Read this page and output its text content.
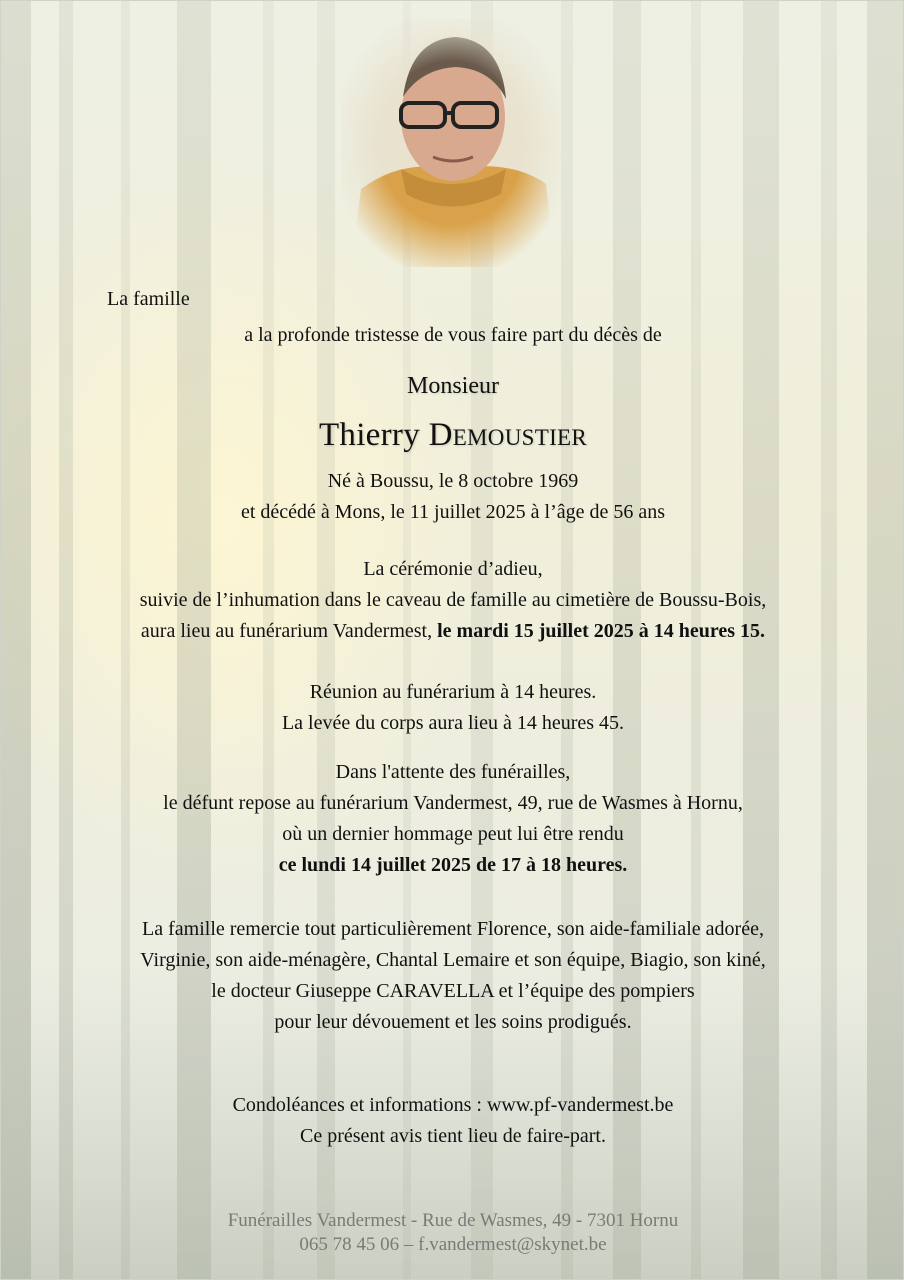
La famille
a la profonde tristesse de vous faire part du décès de
Monsieur
Thierry Demoustier
Né à Boussu, le 8 octobre 1969
et décédé à Mons, le 11 juillet 2025 à l’âge de 56 ans
La cérémonie d’adieu,
suivie de l’inhumation dans le caveau de famille au cimetière de Boussu-Bois,
aura lieu au funérarium Vandermest, le mardi 15 juillet 2025 à 14 heures 15.
Réunion au funérarium à 14 heures.
La levée du corps aura lieu à 14 heures 45.
Dans l'attente des funérailles,
le défunt repose au funérarium Vandermest, 49, rue de Wasmes à Hornu,
où un dernier hommage peut lui être rendu
ce lundi 14 juillet 2025 de 17 à 18 heures.
La famille remercie tout particulièrement Florence, son aide-familiale adorée,
Virginie, son aide-ménagère, Chantal Lemaire et son équipe, Biagio, son kiné,
le docteur Giuseppe CARAVELLA et l’équipe des pompiers
pour leur dévouement et les soins prodigués.
Condoléances et informations : www.pf-vandermest.be
Ce présent avis tient lieu de faire-part.
Funérailles Vandermest - Rue de Wasmes, 49 - 7301 Hornu
065 78 45 06 – f.vandermest@skynet.be
